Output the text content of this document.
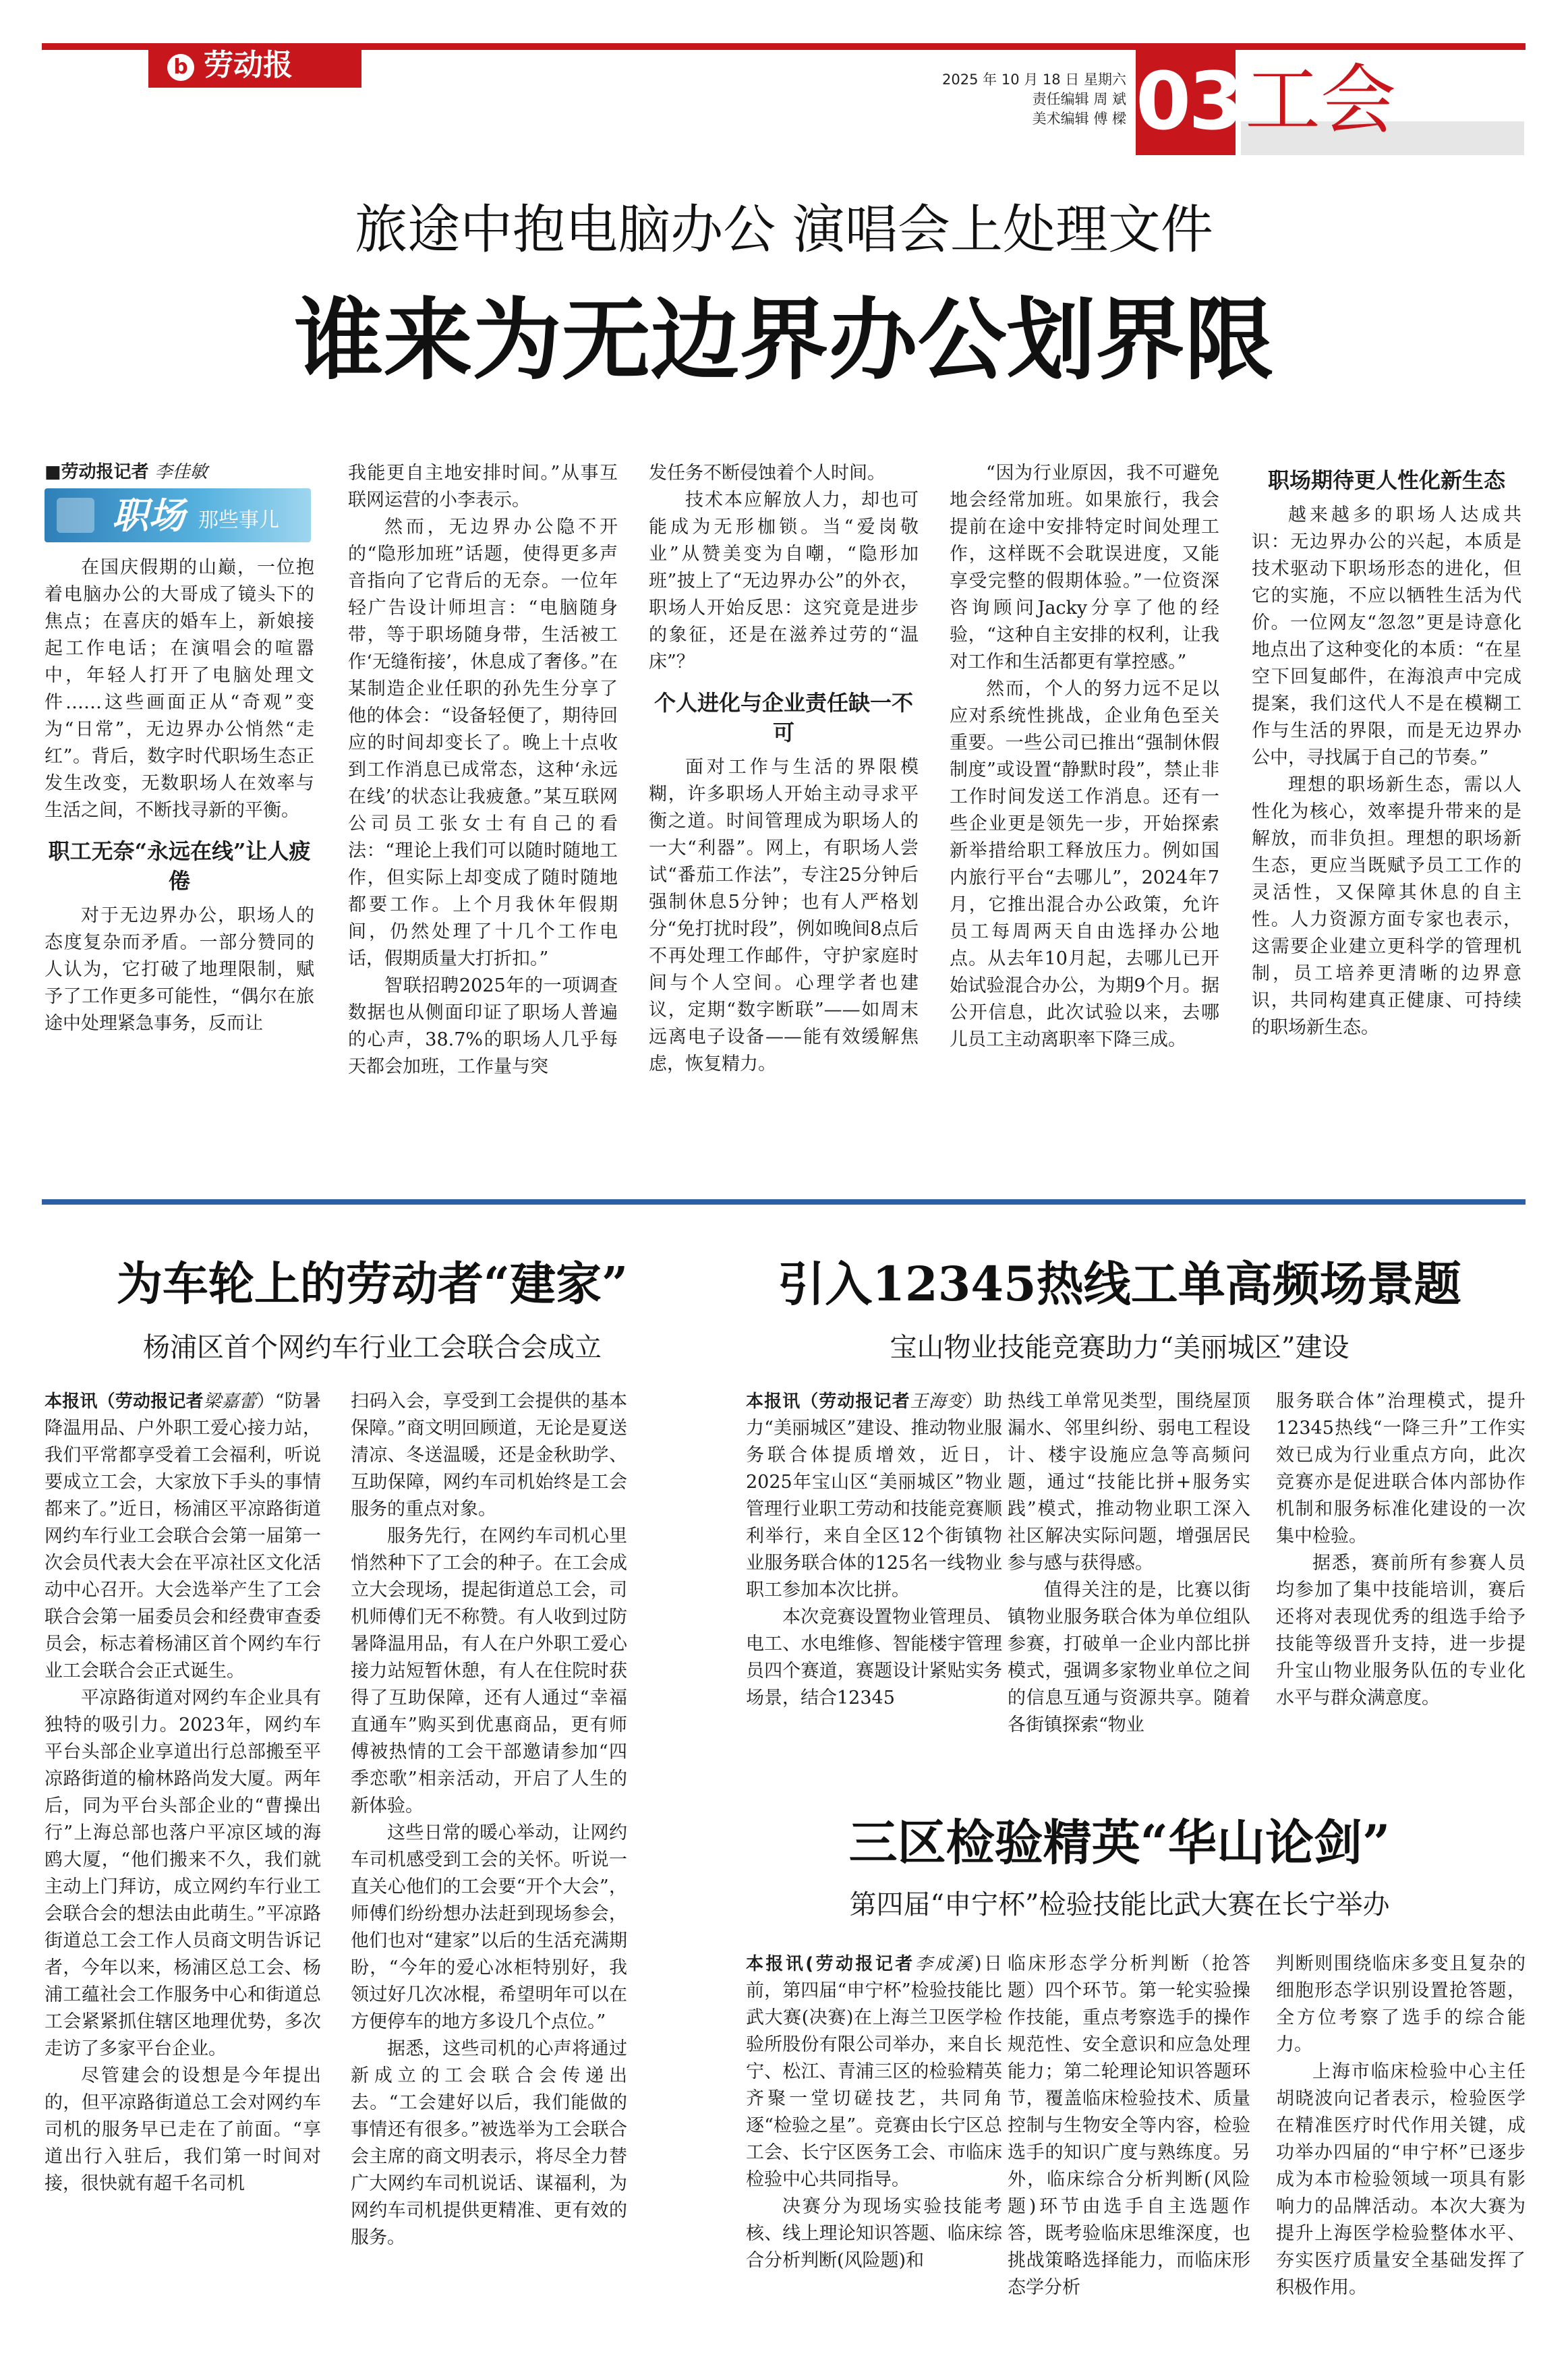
b 劳动报	2025 年 10 月 18 日 星期六
责任编辑 周 斌
美术编辑 傅 樑 03 工会
旅途中抱电脑办公 演唱会上处理文件
谁来为无边界办公划界限
■劳动报记者 李佳敏
职场 那些事儿

在国庆假期的山巅，一位抱着电脑办公的大哥成了镜头下的焦点；在喜庆的婚车上，新娘接起工作电话；在演唱会的喧嚣中，年轻人打开了电脑处理文件……这些画面正从“奇观”变为“日常”，无边界办公悄然“走红”。背后，数字时代职场生态正发生改变，无数职场人在效率与生活之间，不断找寻新的平衡。

职工无奈“永远在线”让人疲倦

对于无边界办公，职场人的态度复杂而矛盾。一部分赞同的人认为，它打破了地理限制，赋予了工作更多可能性，“偶尔在旅途中处理紧急事务，反而让

我能更自主地安排时间。”从事互联网运营的小李表示。

然而，无边界办公隐不开的“隐形加班”话题，使得更多声音指向了它背后的无奈。一位年轻广告设计师坦言：“电脑随身带，等于职场随身带，生活被工作‘无缝衔接’，休息成了奢侈。”在某制造企业任职的孙先生分享了他的体会：“设备轻便了，期待回应的时间却变长了。晚上十点收到工作消息已成常态，这种‘永远在线’的状态让我疲惫。”某互联网公司员工张女士有自己的看法：“理论上我们可以随时随地工作，但实际上却变成了随时随地都要工作。上个月我休年假期间，仍然处理了十几个工作电话，假期质量大打折扣。”

智联招聘2025年的一项调查数据也从侧面印证了职场人普遍的心声，38.7%的职场人几乎每天都会加班，工作量与突

发任务不断侵蚀着个人时间。

技术本应解放人力，却也可能成为无形枷锁。当“爱岗敬业”从赞美变为自嘲，“隐形加班”披上了“无边界办公”的外衣，职场人开始反思：这究竟是进步的象征，还是在滋养过劳的“温床”？

个人进化与企业责任缺一不可

面对工作与生活的界限模糊，许多职场人开始主动寻求平衡之道。时间管理成为职场人的一大“利器”。网上，有职场人尝试“番茄工作法”，专注25分钟后强制休息5分钟；也有人严格划分“免打扰时段”，例如晚间8点后不再处理工作邮件，守护家庭时间与个人空间。心理学者也建议，定期“数字断联”——如周末远离电子设备——能有效缓解焦虑，恢复精力。

“因为行业原因，我不可避免地会经常加班。如果旅行，我会提前在途中安排特定时间处理工作，这样既不会耽误进度，又能享受完整的假期体验。”一位资深咨询顾问Jacky分享了他的经验，“这种自主安排的权利，让我对工作和生活都更有掌控感。”

然而，个人的努力远不足以应对系统性挑战，企业角色至关重要。一些公司已推出“强制休假制度”或设置“静默时段”，禁止非工作时间发送工作消息。还有一些企业更是领先一步，开始探索新举措给职工释放压力。例如国内旅行平台“去哪儿”，2024年7月，它推出混合办公政策，允许员工每周两天自由选择办公地点。从去年10月起，去哪儿已开始试验混合办公，为期9个月。据公开信息，此次试验以来，去哪儿员工主动离职率下降三成。

职场期待更人性化新生态

越来越多的职场人达成共识：无边界办公的兴起，本质是技术驱动下职场形态的进化，但它的实施，不应以牺牲生活为代价。一位网友“忽忽”更是诗意化地点出了这种变化的本质：“在星空下回复邮件，在海浪声中完成提案，我们这代人不是在模糊工作与生活的界限，而是无边界办公中，寻找属于自己的节奏。”

理想的职场新生态，需以人性化为核心，效率提升带来的是解放，而非负担。理想的职场新生态，更应当既赋予员工工作的灵活性，又保障其休息的自主性。人力资源方面专家也表示，这需要企业建立更科学的管理机制，员工培养更清晰的边界意识，共同构建真正健康、可持续的职场新生态。

为车轮上的劳动者“建家”
杨浦区首个网约车行业工会联合会成立

本报讯（劳动报记者梁嘉蕾）“防暑降温用品、户外职工爱心接力站，我们平常都享受着工会福利，听说要成立工会，大家放下手头的事情都来了。”近日，杨浦区平凉路街道网约车行业工会联合会第一届第一次会员代表大会在平凉社区文化活动中心召开。大会选举产生了工会联合会第一届委员会和经费审查委员会，标志着杨浦区首个网约车行业工会联合会正式诞生。

平凉路街道对网约车企业具有独特的吸引力。2023年，网约车平台头部企业享道出行总部搬至平凉路街道的榆林路尚发大厦。两年后，同为平台头部企业的“曹操出行”上海总部也落户平凉区域的海鸥大厦，“他们搬来不久，我们就主动上门拜访，成立网约车行业工会联合会的想法由此萌生。”平凉路街道总工会工作人员商文明告诉记者，今年以来，杨浦区总工会、杨浦工蕴社会工作服务中心和街道总工会紧紧抓住辖区地理优势，多次走访了多家平台企业。

尽管建会的设想是今年提出的，但平凉路街道总工会对网约车司机的服务早已走在了前面。“享道出行入驻后，我们第一时间对接，很快就有超千名司机

扫码入会，享受到工会提供的基本保障。”商文明回顾道，无论是夏送清凉、冬送温暖，还是金秋助学、互助保障，网约车司机始终是工会服务的重点对象。

服务先行，在网约车司机心里悄然种下了工会的种子。在工会成立大会现场，提起街道总工会，司机师傅们无不称赞。有人收到过防暑降温用品，有人在户外职工爱心接力站短暂休憩，有人在住院时获得了互助保障，还有人通过“幸福直通车”购买到优惠商品，更有师傅被热情的工会干部邀请参加“四季恋歌”相亲活动，开启了人生的新体验。

这些日常的暖心举动，让网约车司机感受到工会的关怀。听说一直关心他们的工会要“开个大会”，师傅们纷纷想办法赶到现场参会，他们也对“建家”以后的生活充满期盼，“今年的爱心冰柜特别好，我领过好几次冰棍，希望明年可以在方便停车的地方多设几个点位。”

据悉，这些司机的心声将通过新成立的工会联合会传递出去。“工会建好以后，我们能做的事情还有很多。”被选举为工会联合会主席的商文明表示，将尽全力替广大网约车司机说话、谋福利，为网约车司机提供更精准、更有效的服务。

引入12345热线工单高频场景题
宝山物业技能竞赛助力“美丽城区”建设

本报讯（劳动报记者王海变）助力“美丽城区”建设、推动物业服务联合体提质增效，近日，2025年宝山区“美丽城区”物业管理行业职工劳动和技能竞赛顺利举行，来自全区12个街镇物业服务联合体的125名一线物业职工参加本次比拼。

本次竞赛设置物业管理员、电工、水电维修、智能楼宇管理员四个赛道，赛题设计紧贴实务场景，结合12345

热线工单常见类型，围绕屋顶漏水、邻里纠纷、弱电工程设计、楼宇设施应急等高频问题，通过“技能比拼+服务实践”模式，推动物业职工深入社区解决实际问题，增强居民参与感与获得感。

值得关注的是，比赛以街镇物业服务联合体为单位组队参赛，打破单一企业内部比拼模式，强调多家物业单位之间的信息互通与资源共享。随着各街镇探索“物业

服务联合体”治理模式，提升12345热线“一降三升”工作实效已成为行业重点方向，此次竞赛亦是促进联合体内部协作机制和服务标准化建设的一次集中检验。

据悉，赛前所有参赛人员均参加了集中技能培训，赛后还将对表现优秀的组选手给予技能等级晋升支持，进一步提升宝山物业服务队伍的专业化水平与群众满意度。

三区检验精英“华山论剑”
第四届“申宁杯”检验技能比武大赛在长宁举办

本报讯(劳动报记者李成溪)日前，第四届“申宁杯”检验技能比武大赛(决赛)在上海兰卫医学检验所股份有限公司举办，来自长宁、松江、青浦三区的检验精英齐聚一堂切磋技艺，共同角逐“检验之星”。竞赛由长宁区总工会、长宁区医务工会、市临床检验中心共同指导。

决赛分为现场实验技能考核、线上理论知识答题、临床综合分析判断(风险题)和

临床形态学分析判断（抢答题）四个环节。第一轮实验操作技能，重点考察选手的操作规范性、安全意识和应急处理能力；第二轮理论知识答题环节，覆盖临床检验技术、质量控制与生物安全等内容，检验选手的知识广度与熟练度。另外，临床综合分析判断(风险题)环节由选手自主选题作答，既考验临床思维深度，也挑战策略选择能力，而临床形态学分析

判断则围绕临床多变且复杂的细胞形态学识别设置抢答题，全方位考察了选手的综合能力。

上海市临床检验中心主任胡晓波向记者表示，检验医学在精准医疗时代作用关键，成功举办四届的“申宁杯”已逐步成为本市检验领域一项具有影响力的品牌活动。本次大赛为提升上海医学检验整体水平、夯实医疗质量安全基础发挥了积极作用。
